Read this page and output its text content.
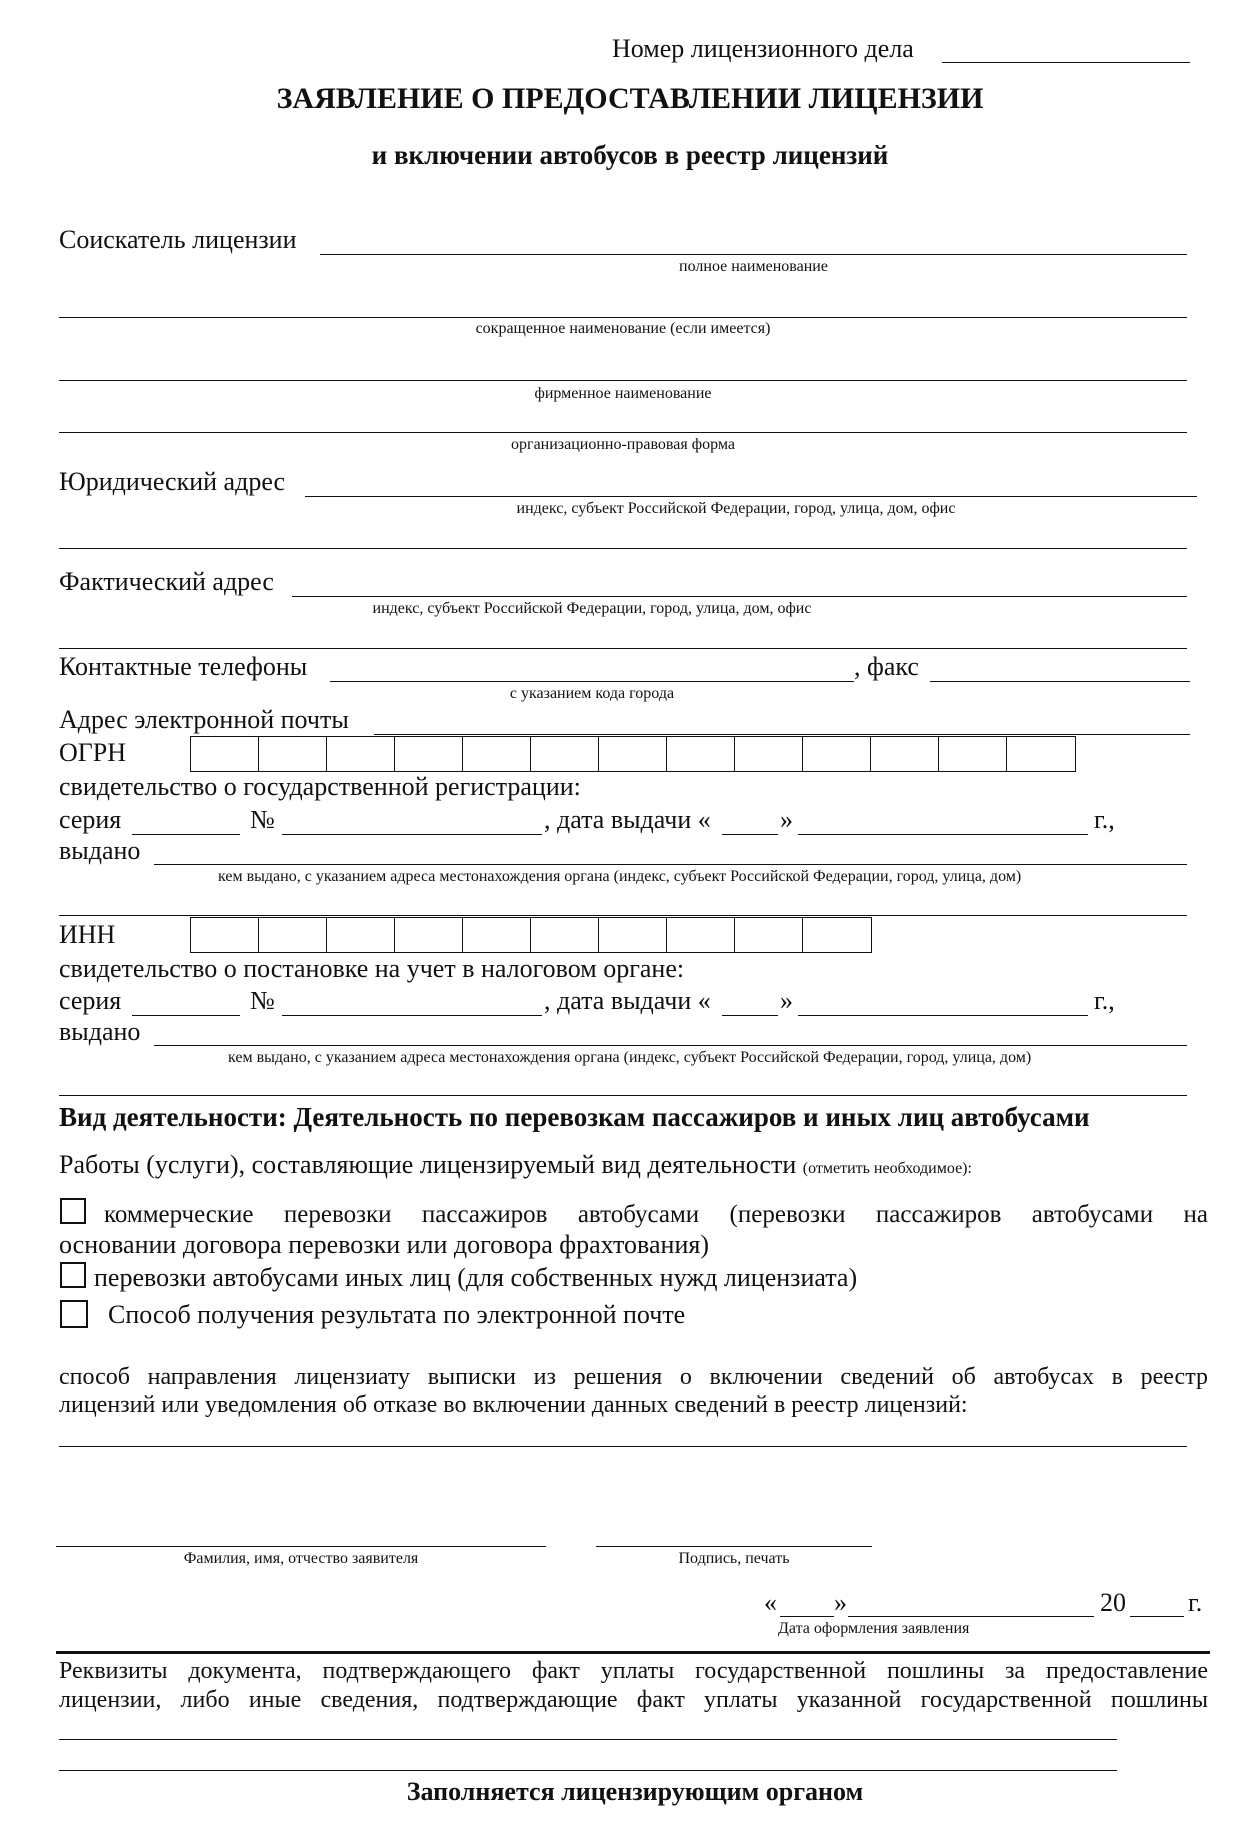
Номер лицензионного дела
ЗАЯВЛЕНИЕ О ПРЕДОСТАВЛЕНИИ ЛИЦЕНЗИИ
и включении автобусов в реестр лицензий
Соискатель лицензии
полное наименование
сокращенное наименование (если имеется)
фирменное наименование
организационно-правовая форма
Юридический адрес
индекс, субъект Российской Федерации, город, улица, дом, офис
Фактический адрес
индекс, субъект Российской Федерации, город, улица, дом, офис
Контактные телефоны
с указанием кода города
, факс
Адрес электронной почты
ОГРН
свидетельство о государственной регистрации:
серия	№	, дата выдачи «	»	г.,
выдано
кем выдано, с указанием адреса местонахождения органа (индекс, субъект Российской Федерации, город, улица, дом)
ИНН
свидетельство о постановке на учет в налоговом органе:
серия	№	, дата выдачи «	»	г.,
выдано
кем выдано, с указанием адреса местонахождения органа (индекс, субъект Российской Федерации, город, улица, дом)
Вид деятельности: Деятельность по перевозкам пассажиров и иных лиц автобусами
Работы (услуги), составляющие лицензируемый вид деятельности (отметить необходимое):
коммерческие перевозки пассажиров автобусами (перевозки пассажиров автобусами на
основании договора перевозки или договора фрахтования)
перевозки автобусами иных лиц (для собственных нужд лицензиата)
Способ получения результата по электронной почте
способ направления лицензиату выписки из решения о включении сведений об автобусах в реестр
лицензий или уведомления об отказе во включении данных сведений в реестр лицензий:
Фамилия, имя, отчество заявителя	Подпись, печать
« »	20 г.
Дата оформления заявления
Реквизиты документа, подтверждающего факт уплаты государственной пошлины за предоставление
лицензии, либо иные сведения, подтверждающие факт уплаты указанной государственной пошлины
Заполняется лицензирующим органом
